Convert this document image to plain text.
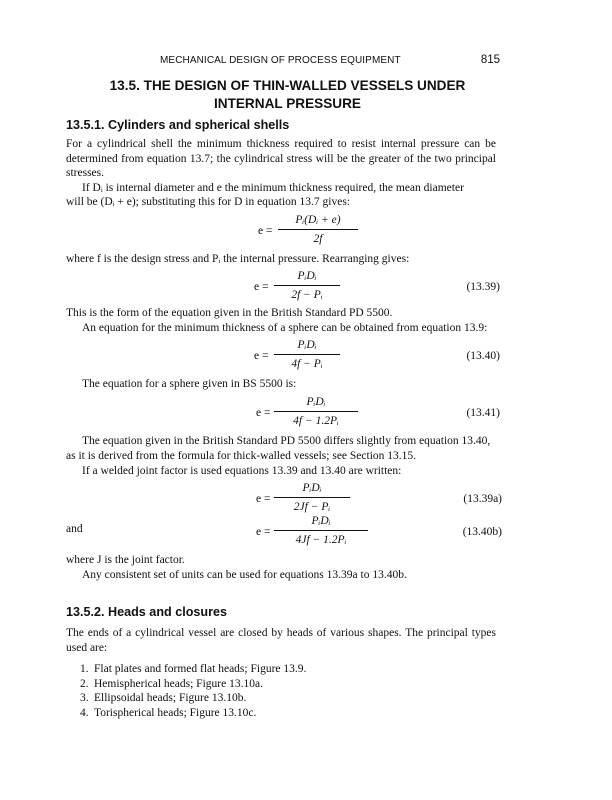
MECHANICAL DESIGN OF PROCESS EQUIPMENT	815
13.5. THE DESIGN OF THIN-WALLED VESSELS UNDER
INTERNAL PRESSURE
13.5.1. Cylinders and spherical shells

For a cylindrical shell the minimum thickness required to resist internal pressure can be determined from equation 13.7; the cylindrical stress will be the greater of the two principal stresses.

If Dᵢ is internal diameter and e the minimum thickness required, the mean diameter
will be (Dᵢ + e); substituting this for D in equation 13.7 gives:
e =
Pᵢ(Dᵢ + e)
2f
where f is the design stress and Pᵢ the internal pressure. Rearranging gives:
e =
PᵢDᵢ
2f − Pᵢ
(13.39)
This is the form of the equation given in the British Standard PD 5500.
An equation for the minimum thickness of a sphere can be obtained from equation 13.9:
e =
PᵢDᵢ
4f − Pᵢ
(13.40)
The equation for a sphere given in BS 5500 is:
e =
PᵢDᵢ
4f − 1.2Pᵢ
(13.41)
The equation given in the British Standard PD 5500 differs slightly from equation 13.40,
as it is derived from the formula for thick-walled vessels; see Section 13.15.
If a welded joint factor is used equations 13.39 and 13.40 are written:
e =
PᵢDᵢ
2Jf − Pᵢ
(13.39a)
and	e =
PᵢDᵢ
4Jf − 1.2Pᵢ
(13.40b)
where J is the joint factor.
Any consistent set of units can be used for equations 13.39a to 13.40b.
13.5.2. Heads and closures

The ends of a cylindrical vessel are closed by heads of various shapes. The principal types used are:

1. Flat plates and formed flat heads; Figure 13.9.
2. Hemispherical heads; Figure 13.10a.
3. Ellipsoidal heads; Figure 13.10b.
4. Torispherical heads; Figure 13.10c.
